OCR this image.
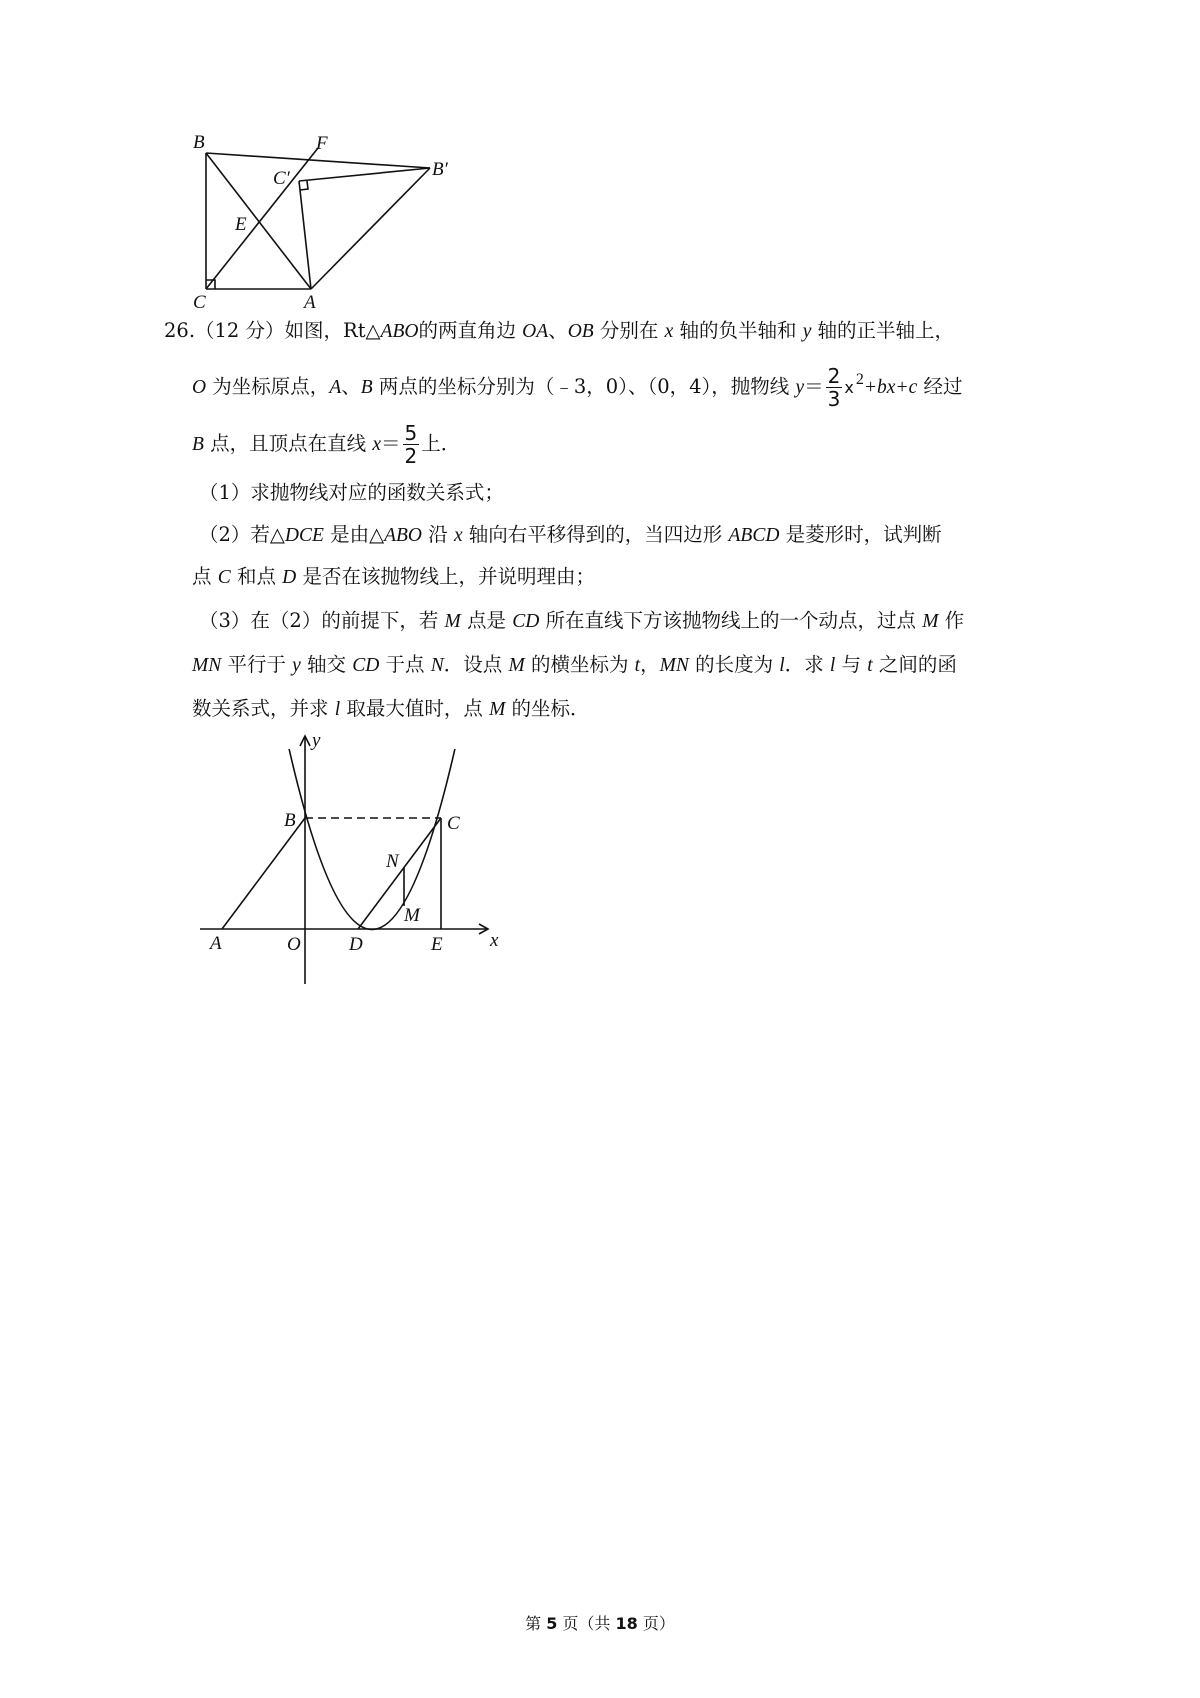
B	F
C′	B′
E
C	A
26.（12 分）如图，Rt△ABO的两直角边 OA、OB 分别在 x 轴的负半轴和 y 轴的正半轴上，
O 为坐标原点，A、B 两点的坐标分别为（﹣3，0）、（0，4），抛物线 $y= \frac{2}{3}$ x $^2$+bx+c 经过
B 点，且顶点在直线 $x= \frac{5}{2}$ 上．
（1）求抛物线对应的函数关系式；
（2）若△DCE 是由△ABO 沿 x 轴向右平移得到的，当四边形 ABCD 是菱形时，试判断
点 C 和点 D 是否在该抛物线上，并说明理由；
（3）在（2）的前提下，若 M 点是 CD 所在直线下方该抛物线上的一个动点，过点 M 作
MN 平行于 y 轴交 CD 于点 N．设点 M 的横坐标为 t，MN 的长度为 l．求 l 与 t 之间的函
数关系式，并求 l 取最大值时，点 M 的坐标．
y
B	C
N
M
A	O	D	E x
第 5 页（共 18 页）
